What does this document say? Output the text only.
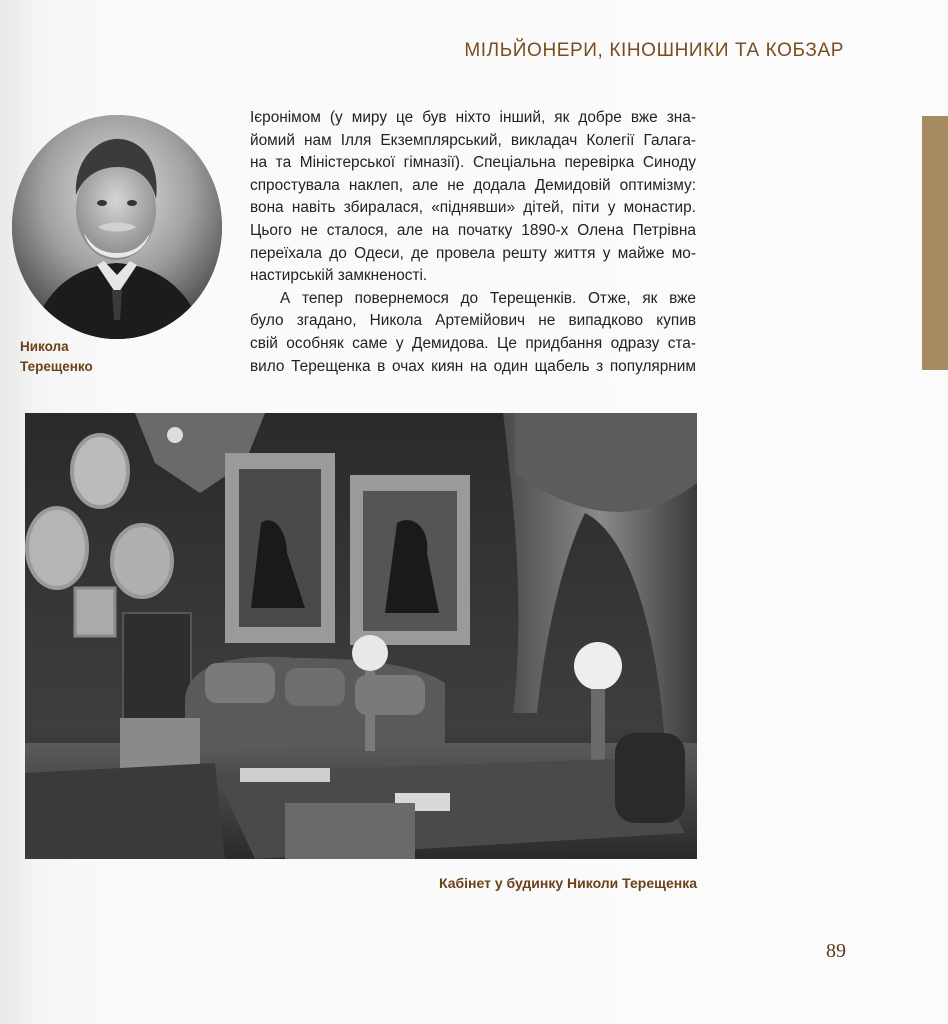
МІЛЬЙОНЕРИ, КІНОШНИКИ ТА КОБЗАР
Никола
Терещенко
Ієронімом (у миру це був ніхто інший, як добре вже зна-
йомий нам Ілля Екземплярський, викладач Колегії Галага-
на та Міністерської гімназії). Спеціальна перевірка Синоду
спростувала наклеп, але не додала Демидовій оптимізму:
вона навіть збиралася, «піднявши» дітей, піти у монастир.
Цього не сталося, але на початку 1890-х Олена Петрівна
переїхала до Одеси, де провела решту життя у майже мо-
настирській замкненості.
А тепер повернемося до Терещенків. Отже, як вже
було згадано, Никола Артемійович не випадково купив
свій особняк саме у Демидова. Це придбання одразу ста-
вило Терещенка в очах киян на один щабель з популярним
Кабінет у будинку Николи Терещенка
89
